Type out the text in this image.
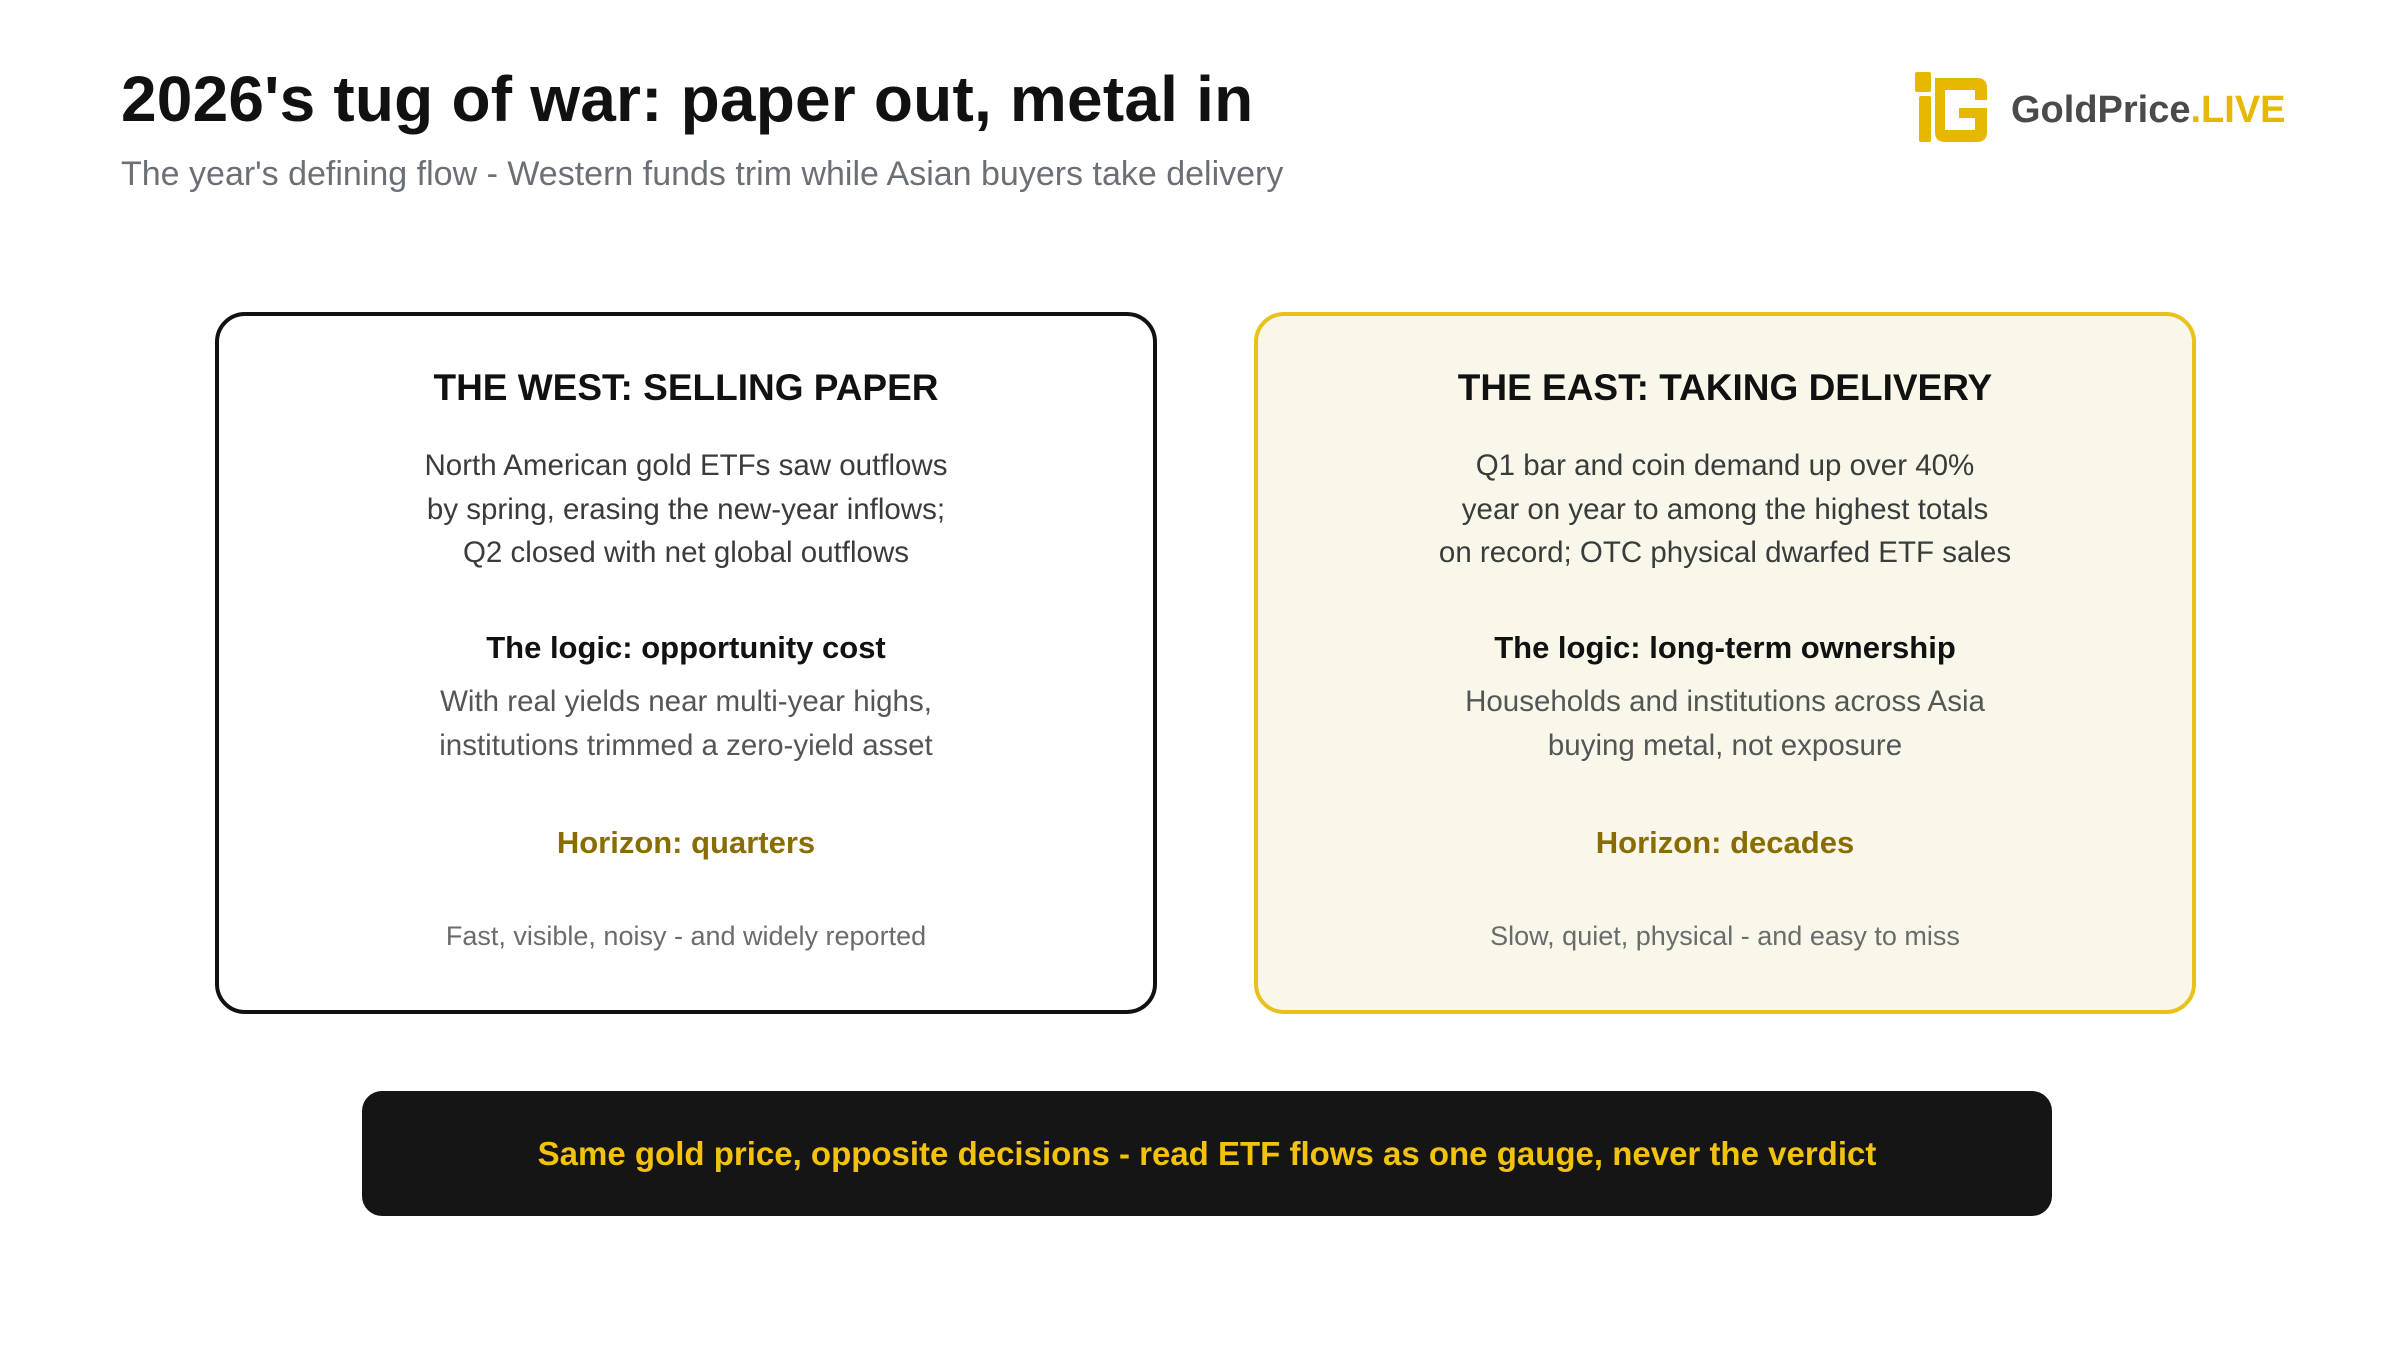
2026's tug of war: paper out, metal in

The year's defining flow - Western funds trim while Asian buyers take delivery

GoldPrice.LIVE
THE WEST: SELLING PAPER
North American gold ETFs saw outflows
by spring, erasing the new-year inflows;
Q2 closed with net global outflows
The logic: opportunity cost
With real yields near multi-year highs,
institutions trimmed a zero-yield asset
Horizon: quarters
Fast, visible, noisy - and widely reported
THE EAST: TAKING DELIVERY
Q1 bar and coin demand up over 40%
year on year to among the highest totals
on record; OTC physical dwarfed ETF sales
The logic: long-term ownership
Households and institutions across Asia
buying metal, not exposure
Horizon: decades
Slow, quiet, physical - and easy to miss
Same gold price, opposite decisions - read ETF flows as one gauge, never the verdict
